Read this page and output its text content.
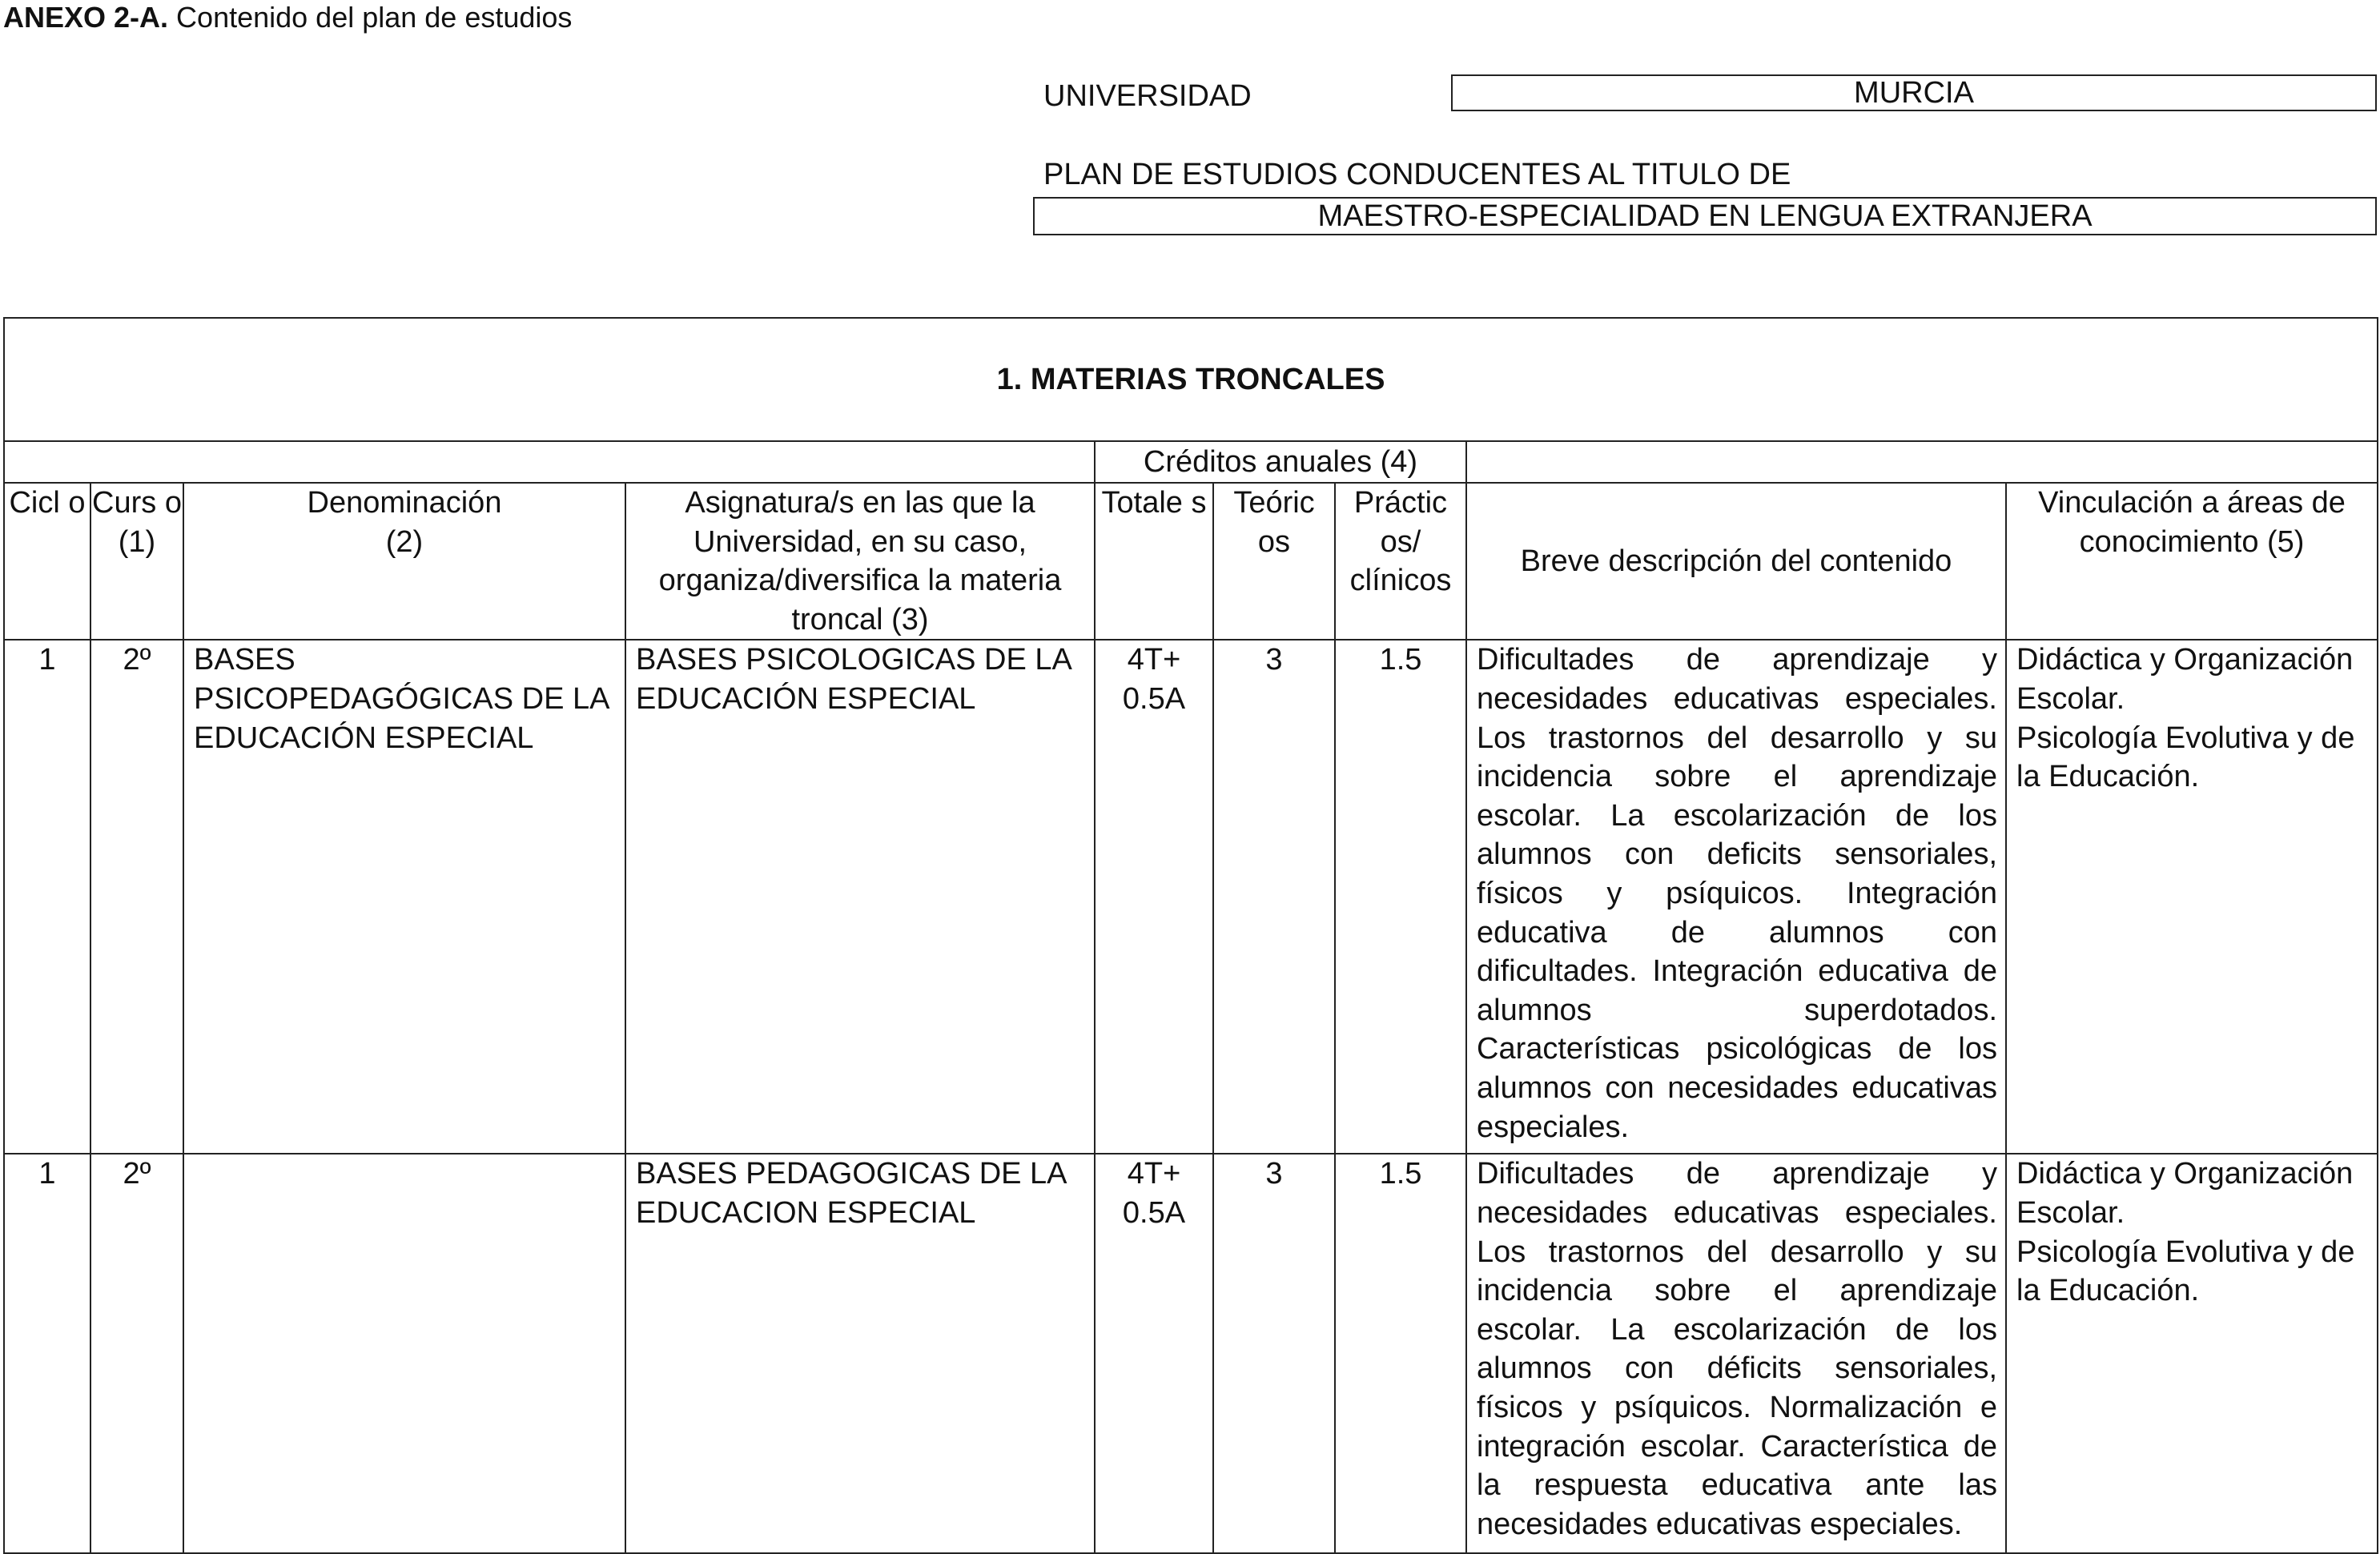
ANEXO 2-A. Contenido del plan de estudios
UNIVERSIDAD	MURCIA
PLAN DE ESTUDIOS CONDUCENTES AL TITULO DE
MAESTRO-ESPECIALIDAD EN LENGUA EXTRANJERA
1. MATERIAS TRONCALES								
				Créditos anuales (4)				
Cicl o	Curs o (1)	Denominación (2)	Asignatura/s en las que la Universidad, en su caso, organiza/diversifica la materia troncal (3)	Totale s	Teóric os	Práctic os/ clínicos	Breve descripción del contenido	Vinculación a áreas de conocimiento (5)
1	2º	BASES PSICOPEDAGÓGICAS DE LA EDUCACIÓN ESPECIAL	BASES PSICOLOGICAS DE LA EDUCACIÓN ESPECIAL	4T+ 0.5A	3	1.5	Dificultades de aprendizaje y necesidades educativas especiales. Los trastornos del desarrollo y su incidencia sobre el aprendizaje escolar. La escolarización de los alumnos con deficits sensoriales, físicos y psíquicos. Integración educativa de alumnos con dificultades. Integración educativa de alumnos superdotados. Características psicológicas de los alumnos con necesidades educativas especiales.	Didáctica y Organización Escolar.
Psicología Evolutiva y de la Educación.

1	2º		BASES PEDAGOGICAS DE LA EDUCACION ESPECIAL	4T+ 0.5A	3	1.5	Dificultades de aprendizaje y necesidades educativas especiales. Los trastornos del desarrollo y su incidencia sobre el aprendizaje escolar. La escolarización de los alumnos con déficits sensoriales, físicos y psíquicos. Normalización e integración escolar. Característica de la respuesta educativa ante las necesidades educativas especiales.	Didáctica y Organización Escolar.
Psicología Evolutiva y de la Educación.
